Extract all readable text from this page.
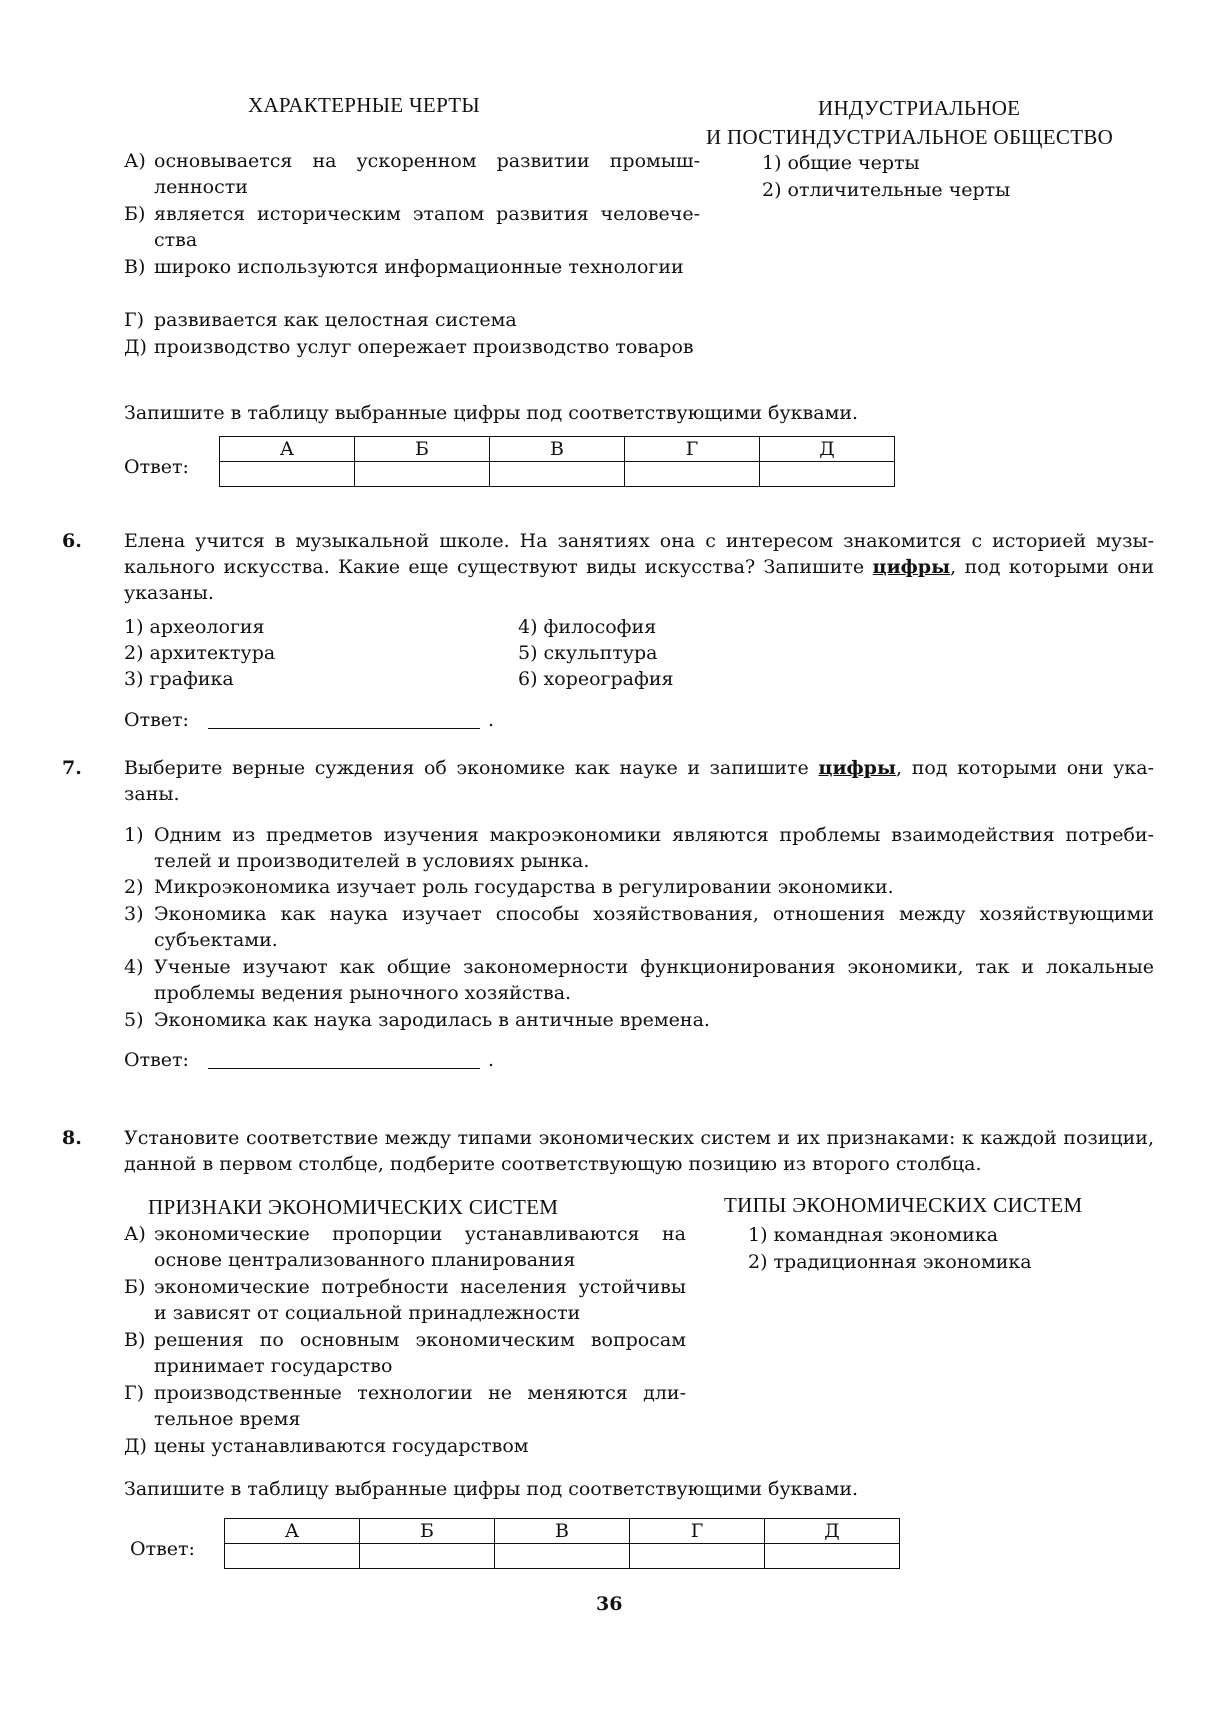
ХАРАКТЕРНЫЕ ЧЕРТЫ	ИНДУСТРИАЛЬНОЕ
И ПОСТИНДУСТРИАЛЬНОЕ ОБЩЕСТВО
А) основывается на ускоренном развитии промышленности
Б) является историческим этапом развития человечества
В) широко используются информационные технологии
Г) развивается как целостная система
Д) производство услуг опережает производство товаров
1) общие черты
2) отличительные черты
Запишите в таблицу выбранные цифры под соответствующими буквами.
Ответ:
А	Б	В	Г	Д

6. Елена учится в музыкальной школе. На занятиях она с интересом знакомится с историей музыкального искусства. Какие еще существуют виды искусства? Запишите цифры, под которыми они указаны.
1) археология
2) архитектура
3) графика
4) философия
5) скульптура
6) хореография
Ответ:	.
7. Выберите верные суждения об экономике как науке и запишите цифры, под которыми они указаны.
1) Одним из предметов изучения макроэкономики являются проблемы взаимодействия потребителей и производителей в условиях рынка.
2) Микроэкономика изучает роль государства в регулировании экономики.
3) Экономика как наука изучает способы хозяйствования, отношения между хозяйствующими субъектами.
4) Ученые изучают как общие закономерности функционирования экономики, так и локальные проблемы ведения рыночного хозяйства.
5) Экономика как наука зародилась в античные времена.
Ответ:	.
8. Установите соответствие между типами экономических систем и их признаками: к каждой позиции, данной в первом столбце, подберите соответствующую позицию из второго столбца.
ПРИЗНАКИ ЭКОНОМИЧЕСКИХ СИСТЕМ	ТИПЫ ЭКОНОМИЧЕСКИХ СИСТЕМ
А) экономические пропорции устанавливаются на основе централизованного планирования
Б) экономические потребности населения устойчивы и зависят от социальной принадлежности
В) решения по основным экономическим вопросам принимает государство
Г) производственные технологии не меняются длительное время
Д) цены устанавливаются государством
1) командная экономика
2) традиционная экономика
Запишите в таблицу выбранные цифры под соответствующими буквами.
Ответ:
А	Б	В	Г	Д

36
